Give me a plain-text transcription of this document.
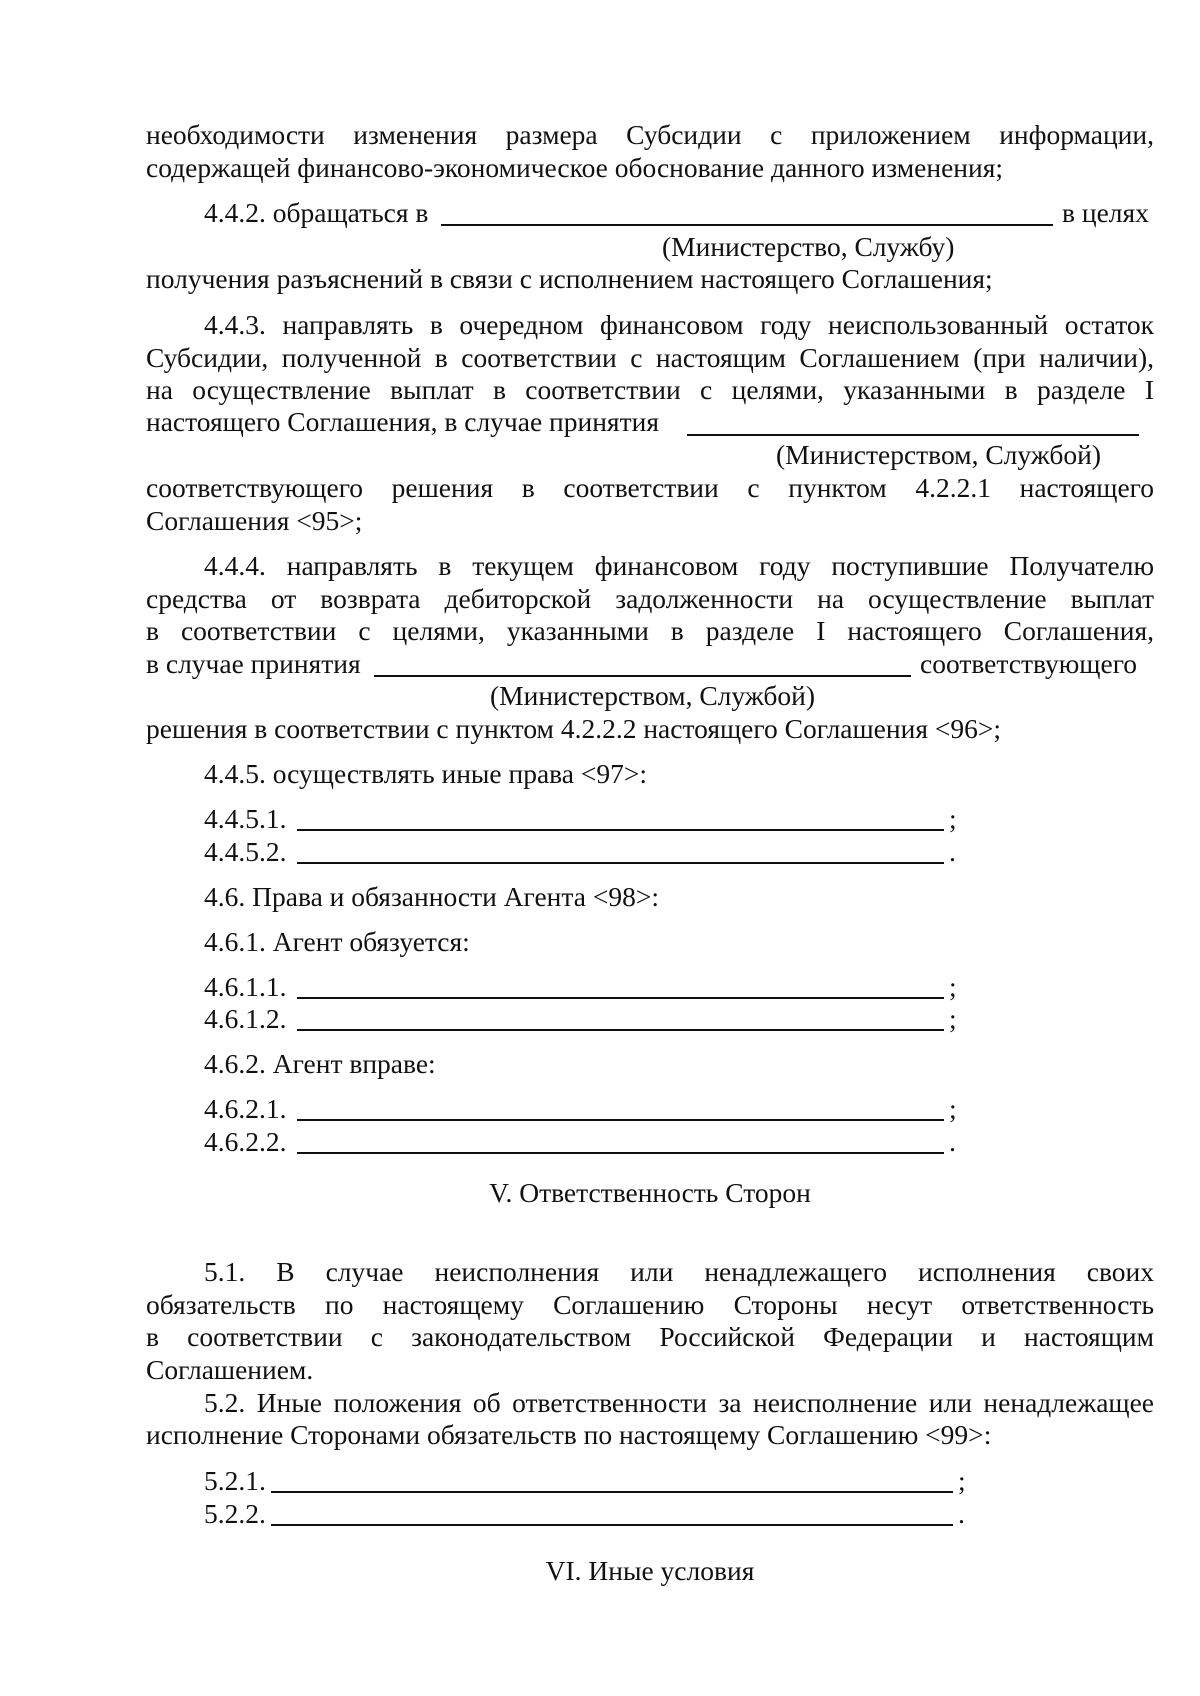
необходимости изменения размера Субсидии с приложением информации,
содержащей финансово-экономическое обоснование данного изменения;
4.4.2. обращаться в	в целях
(Министерство, Службу)
получения разъяснений в связи с исполнением настоящего Соглашения;
4.4.3. направлять в очередном финансовом году неиспользованный остаток
Субсидии, полученной в соответствии с настоящим Соглашением (при наличии),
на осуществление выплат в соответствии с целями, указанными в разделе I
настоящего Соглашения, в случае принятия
(Министерством, Службой)
соответствующего решения в соответствии с пунктом 4.2.2.1 настоящего
Соглашения <95>;
4.4.4. направлять в текущем финансовом году поступившие Получателю
средства от возврата дебиторской задолженности на осуществление выплат
в соответствии с целями, указанными в разделе I настоящего Соглашения,
в случае принятия	соответствующего
(Министерством, Службой)
решения в соответствии с пунктом 4.2.2.2 настоящего Соглашения <96>;
4.4.5. осуществлять иные права <97>:
4.4.5.1.	;
4.4.5.2.	.
4.6. Права и обязанности Агента <98>:
4.6.1. Агент обязуется:
4.6.1.1.	;
4.6.1.2.	;
4.6.2. Агент вправе:
4.6.2.1.	;
4.6.2.2.	.
V. Ответственность Сторон
5.1. В случае неисполнения или ненадлежащего исполнения своих
обязательств по настоящему Соглашению Стороны несут ответственность
в соответствии с законодательством Российской Федерации и настоящим
Соглашением.
5.2. Иные положения об ответственности за неисполнение или ненадлежащее
исполнение Сторонами обязательств по настоящему Соглашению <99>:
5.2.1.	;
5.2.2.	.
VI. Иные условия
